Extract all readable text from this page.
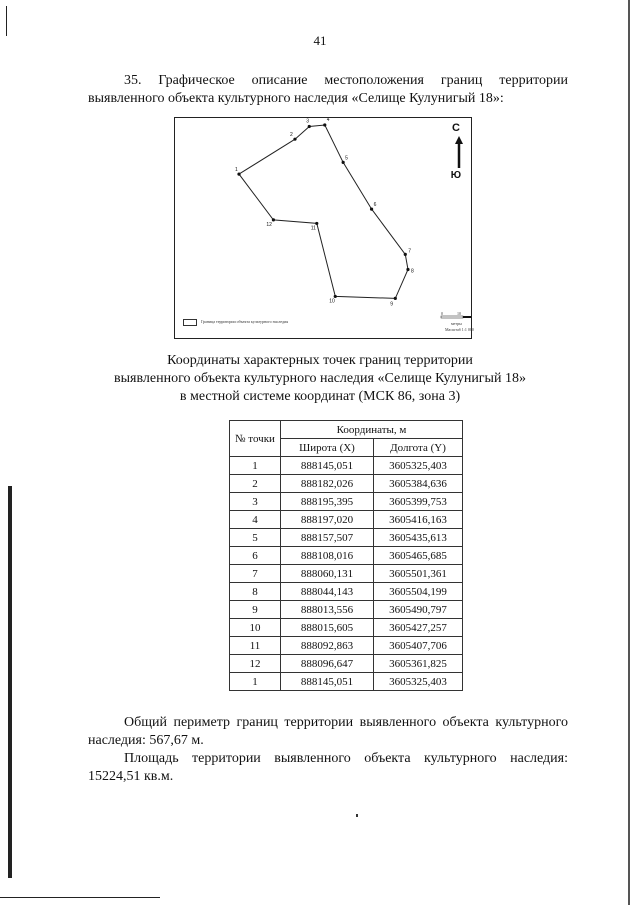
41
35. Графическое описание местоположения границ территории выявленного объекта культурного наследия «Селище Кулунигый 18»:
1
2
3	4
5
6
7
8
9
10
11
12
С
Ю
0	10
метры
Масштаб 1:1 000
Граница территории объекта культурного наследия
Координаты характерных точек границ территории
выявленного объекта культурного наследия «Селище Кулунигый 18»
в местной системе координат (МСК 86, зона 3)
№ точки	Координаты, м	
	Широта (X)	Долгота (Y)
1	888145,051	3605325,403
2	888182,026	3605384,636
3	888195,395	3605399,753
4	888197,020	3605416,163
5	888157,507	3605435,613
6	888108,016	3605465,685
7	888060,131	3605501,361
8	888044,143	3605504,199
9	888013,556	3605490,797
10	888015,605	3605427,257
11	888092,863	3605407,706
12	888096,647	3605361,825
1	888145,051	3605325,403
Общий периметр границ территории выявленного объекта культурного наследия: 567,67 м.
Площадь территории выявленного объекта культурного наследия: 15224,51 кв.м.
